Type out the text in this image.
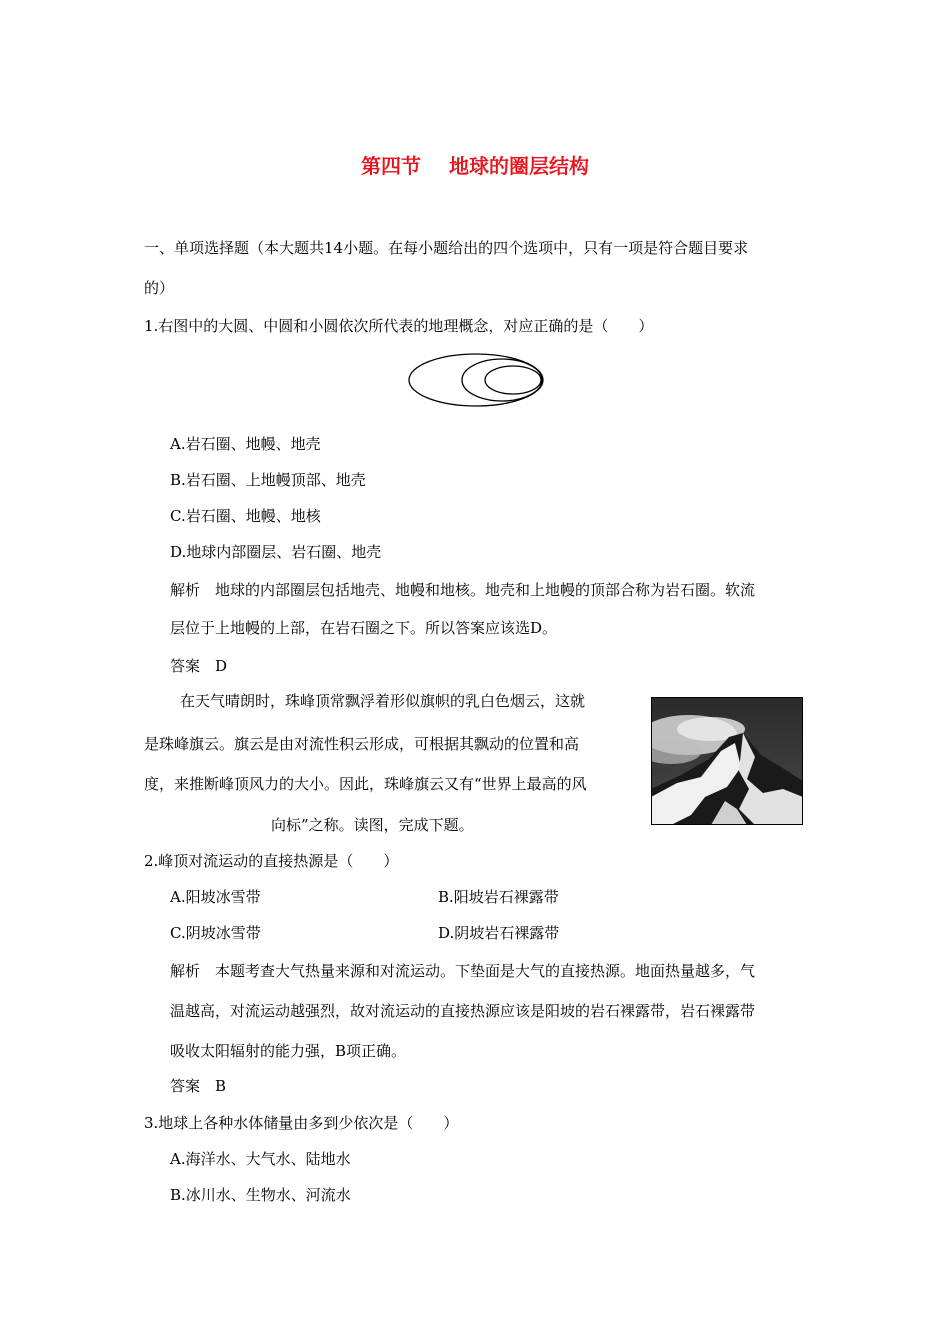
第四节 地球的圈层结构
一、单项选择题（本大题共14小题。在每小题给出的四个选项中，只有一项是符合题目要求
的）
1.右图中的大圆、中圆和小圆依次所代表的地理概念，对应正确的是（　　）
A.岩石圈、地幔、地壳
B.岩石圈、上地幔顶部、地壳
C.岩石圈、地幔、地核
D.地球内部圈层、岩石圈、地壳
解析　地球的内部圈层包括地壳、地幔和地核。地壳和上地幔的顶部合称为岩石圈。软流
层位于上地幔的上部，在岩石圈之下。所以答案应该选D。
答案　D
在天气晴朗时，珠峰顶常飘浮着形似旗帜的乳白色烟云，这就
是珠峰旗云。旗云是由对流性积云形成，可根据其飘动的位置和高
度，来推断峰顶风力的大小。因此，珠峰旗云又有“世界上最高的风
向标”之称。读图，完成下题。
2.峰顶对流运动的直接热源是（　　）
A.阳坡冰雪带	B.阳坡岩石裸露带
C.阴坡冰雪带	D.阴坡岩石裸露带
解析　本题考查大气热量来源和对流运动。下垫面是大气的直接热源。地面热量越多，气
温越高，对流运动越强烈，故对流运动的直接热源应该是阳坡的岩石裸露带，岩石裸露带
吸收太阳辐射的能力强，B项正确。
答案　B
3.地球上各种水体储量由多到少依次是（　　）
A.海洋水、大气水、陆地水
B.冰川水、生物水、河流水
